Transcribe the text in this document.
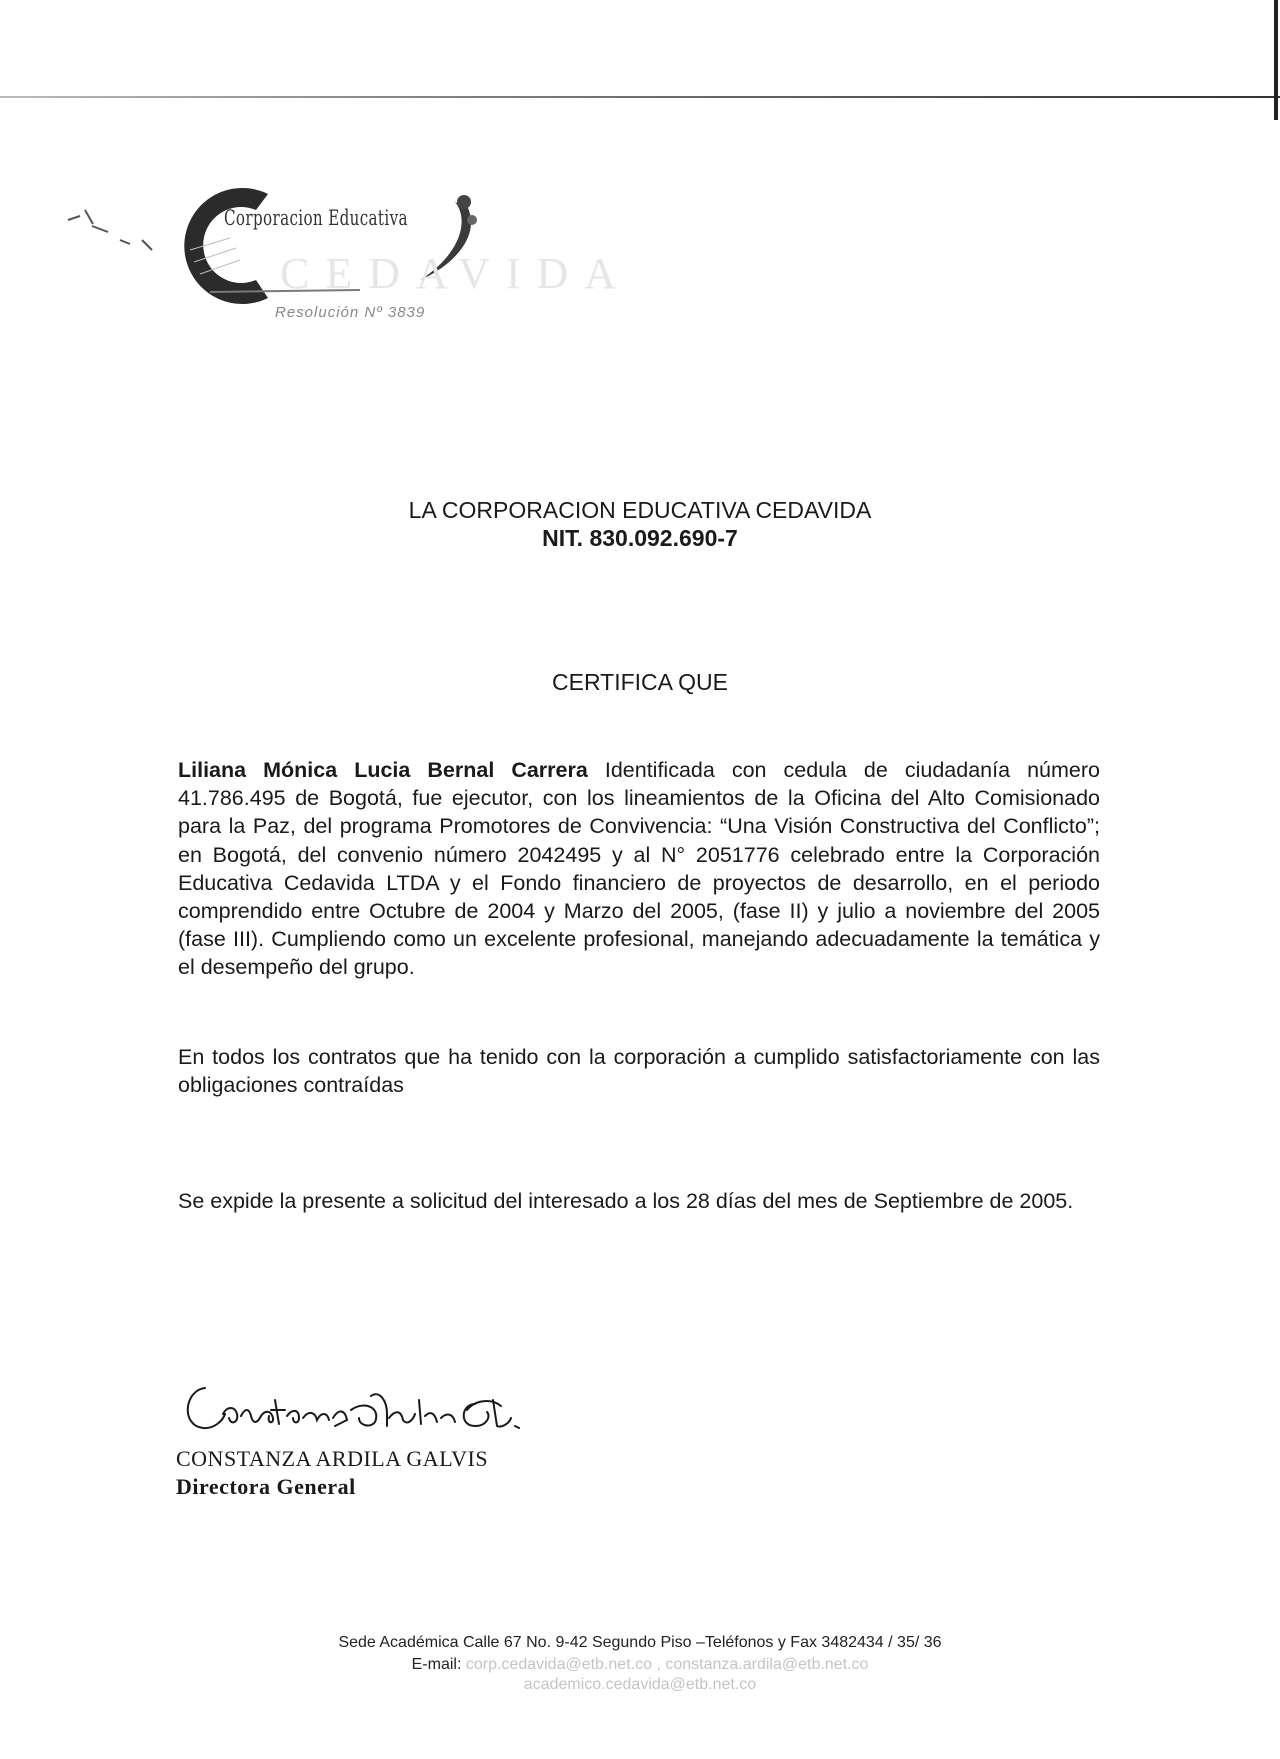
Corporacion Educativa
CEDAVIDA
Resolución Nº 3839
LA CORPORACION EDUCATIVA CEDAVIDA
NIT. 830.092.690-7
CERTIFICA QUE

Liliana Mónica Lucia Bernal Carrera Identificada con cedula de ciudadanía número 41.786.495 de Bogotá, fue ejecutor, con los lineamientos de la Oficina del Alto Comisionado para la Paz, del programa Promotores de Convivencia: “Una Visión Constructiva del Conflicto”; en Bogotá, del convenio número 2042495 y al N° 2051776 celebrado entre la Corporación Educativa Cedavida LTDA y el Fondo financiero de proyectos de desarrollo, en el periodo comprendido entre Octubre de 2004 y Marzo del 2005, (fase II) y julio a noviembre del 2005 (fase III). Cumpliendo como un excelente profesional, manejando adecuadamente la temática y el desempeño del grupo.

En todos los contratos que ha tenido con la corporación a cumplido satisfactoriamente con las obligaciones contraídas

Se expide la presente a solicitud del interesado a los 28 días del mes de Septiembre de 2005.

CONSTANZA ARDILA GALVIS
Directora General
Sede Académica Calle 67 No. 9-42 Segundo Piso –Teléfonos y Fax 3482434 / 35/ 36
E-mail: corp.cedavida@etb.net.co , constanza.ardila@etb.net.co
academico.cedavida@etb.net.co
